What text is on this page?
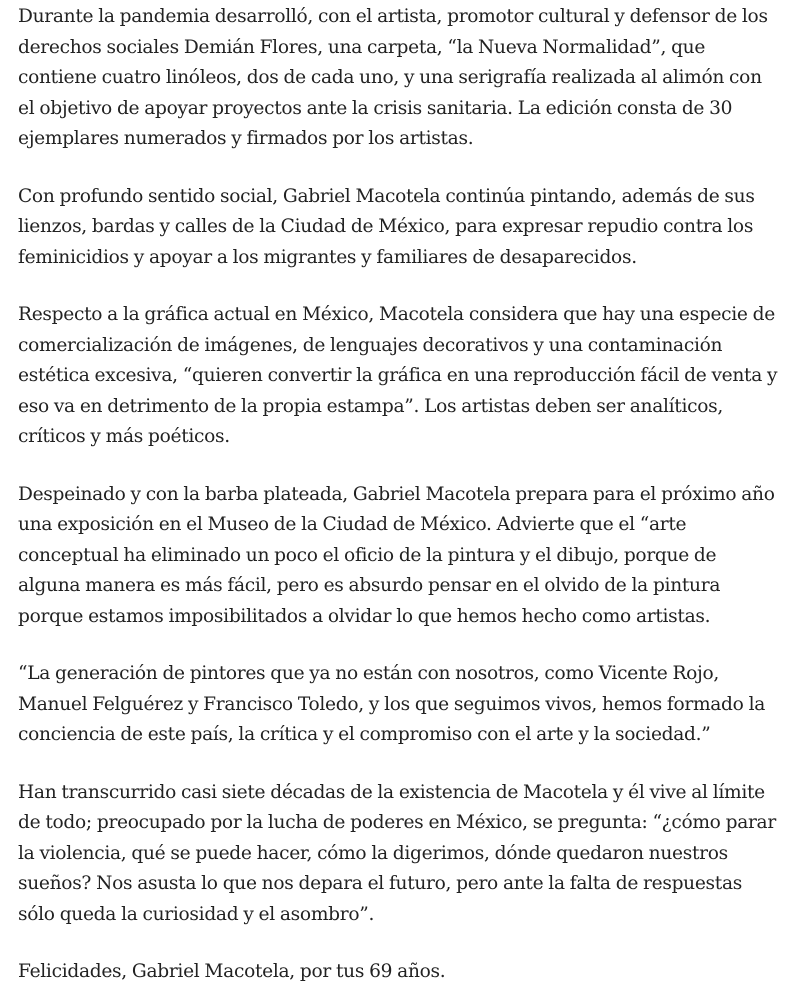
Durante la pandemia desarrolló, con el artista, promotor cultural y defensor de los derechos sociales Demián Flores, una carpeta, “la Nueva Normalidad”, que contiene cuatro linóleos, dos de cada uno, y una serigrafía realizada al alimón con el objetivo de apoyar proyectos ante la crisis sanitaria. La edición consta de 30 ejemplares numerados y firmados por los artistas.

Con profundo sentido social, Gabriel Macotela continúa pintando, además de sus lienzos, bardas y calles de la Ciudad de México, para expresar repudio contra los feminicidios y apoyar a los migrantes y familiares de desaparecidos.

Respecto a la gráfica actual en México, Macotela considera que hay una especie de comercialización de imágenes, de lenguajes decorativos y una contaminación estética excesiva, “quieren convertir la gráfica en una reproducción fácil de venta y eso va en detrimento de la propia estampa”. Los artistas deben ser analíticos, críticos y más poéticos.

Despeinado y con la barba plateada, Gabriel Macotela prepara para el próximo año una exposición en el Museo de la Ciudad de México. Advierte que el “arte conceptual ha eliminado un poco el oficio de la pintura y el dibujo, porque de alguna manera es más fácil, pero es absurdo pensar en el olvido de la pintura porque estamos imposibilitados a olvidar lo que hemos hecho como artistas.

“La generación de pintores que ya no están con nosotros, como Vicente Rojo, Manuel Felguérez y Francisco Toledo, y los que seguimos vivos, hemos formado la conciencia de este país, la crítica y el compromiso con el arte y la sociedad.”

Han transcurrido casi siete décadas de la existencia de Macotela y él vive al límite de todo; preocupado por la lucha de poderes en México, se pregunta: “¿cómo parar la violencia, qué se puede hacer, cómo la digerimos, dónde quedaron nuestros sueños? Nos asusta lo que nos depara el futuro, pero ante la falta de respuestas sólo queda la curiosidad y el asombro”.

Felicidades, Gabriel Macotela, por tus 69 años.
